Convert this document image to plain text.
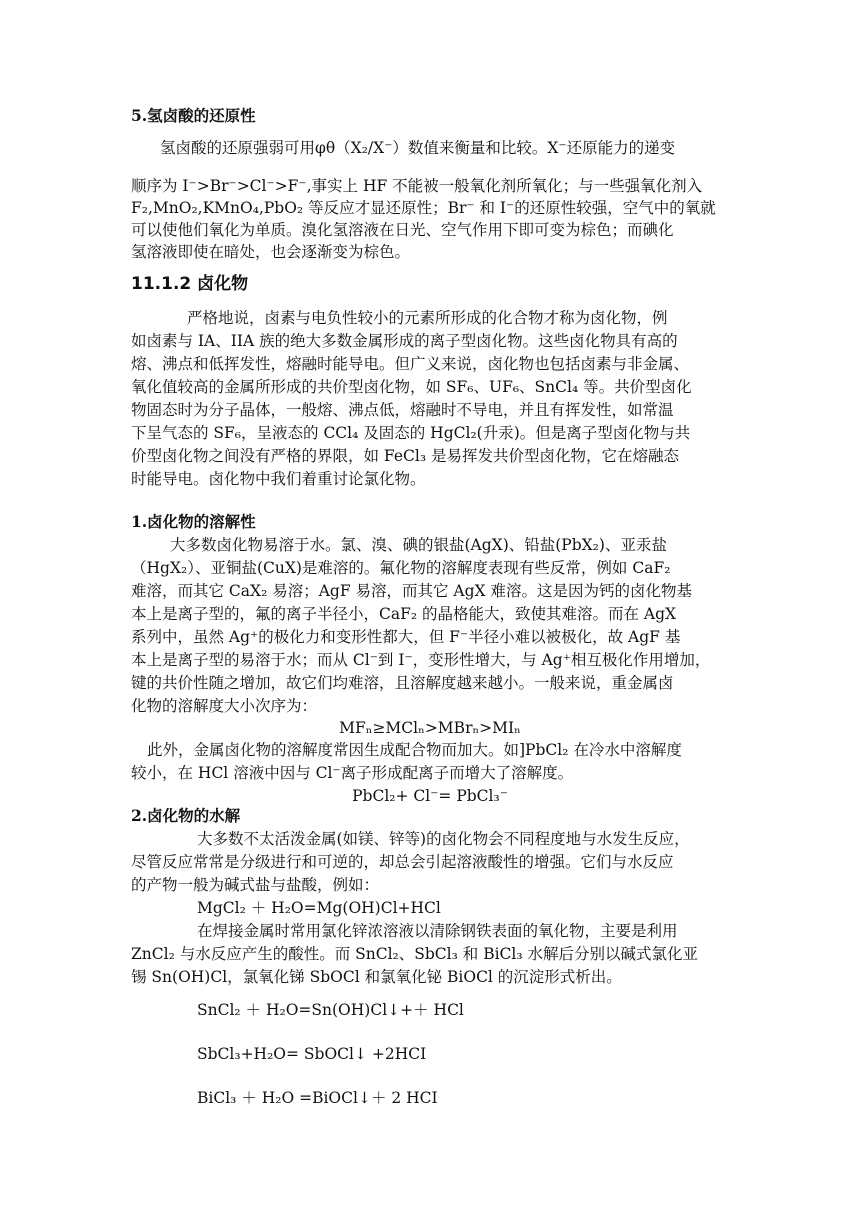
5.氢卤酸的还原性
氢卤酸的还原强弱可用φθ（X₂/X⁻）数值来衡量和比较。X⁻还原能力的递变
顺序为 I⁻>Br⁻>Cl⁻>F⁻,事实上 HF 不能被一般氧化剂所氧化；与一些强氧化剂入
F₂,MnO₂,KMnO₄,PbO₂ 等反应才显还原性；Br⁻ 和 I⁻的还原性较强，空气中的氧就
可以使他们氧化为单质。溴化氢溶液在日光、空气作用下即可变为棕色；而碘化
氢溶液即使在暗处，也会逐渐变为棕色。
11.1.2 卤化物
严格地说，卤素与电负性较小的元素所形成的化合物才称为卤化物，例
如卤素与 IA、IIA 族的绝大多数金属形成的离子型卤化物。这些卤化物具有高的
熔、沸点和低挥发性，熔融时能导电。但广义来说，卤化物也包括卤素与非金属、
氧化值较高的金属所形成的共价型卤化物，如 SF₆、UF₆、SnCl₄ 等。共价型卤化
物固态时为分子晶体，一般熔、沸点低，熔融时不导电，并且有挥发性，如常温
下呈气态的 SF₆，呈液态的 CCl₄ 及固态的 HgCl₂(升汞)。但是离子型卤化物与共
价型卤化物之间没有严格的界限，如 FeCl₃ 是易挥发共价型卤化物，它在熔融态
时能导电。卤化物中我们着重讨论氯化物。
1.卤化物的溶解性
大多数卤化物易溶于水。氯、溴、碘的银盐(AgX)、铅盐(PbX₂)、亚汞盐
（HgX₂）、亚铜盐(CuX)是难溶的。氟化物的溶解度表现有些反常，例如 CaF₂
难溶，而其它 CaX₂ 易溶；AgF 易溶，而其它 AgX 难溶。这是因为钙的卤化物基
本上是离子型的，氟的离子半径小，CaF₂ 的晶格能大，致使其难溶。而在 AgX
系列中，虽然 Ag⁺的极化力和变形性都大，但 F⁻半径小难以被极化，故 AgF 基
本上是离子型的易溶于水；而从 Cl⁻到 I⁻，变形性增大，与 Ag⁺相互极化作用增加，
键的共价性随之增加，故它们均难溶，且溶解度越来越小。一般来说，重金属卤
化物的溶解度大小次序为：
MFₙ≥MClₙ>MBrₙ>MIₙ
此外，金属卤化物的溶解度常因生成配合物而加大。如]PbCl₂ 在冷水中溶解度
较小，在 HCl 溶液中因与 Cl⁻离子形成配离子而增大了溶解度。
PbCl₂+ Cl⁻= PbCl₃⁻
2.卤化物的水解
大多数不太活泼金属(如镁、锌等)的卤化物会不同程度地与水发生反应，
尽管反应常常是分级进行和可逆的，却总会引起溶液酸性的增强。它们与水反应
的产物一般为碱式盐与盐酸，例如：
MgCl₂ ＋ H₂O=Mg(OH)Cl+HCl
在焊接金属时常用氯化锌浓溶液以清除钢铁表面的氧化物，主要是利用
ZnCl₂ 与水反应产生的酸性。而 SnCl₂、SbCl₃ 和 BiCl₃ 水解后分别以碱式氯化亚
锡 Sn(OH)Cl，氯氧化锑 SbOCl 和氯氧化铋 BiOCl 的沉淀形式析出。
SnCl₂ ＋ H₂O=Sn(OH)Cl↓+＋ HCl
SbCl₃+H₂O= SbOCl↓ +2HCI
BiCl₃ ＋ H₂O =BiOCl↓＋ 2 HCI
